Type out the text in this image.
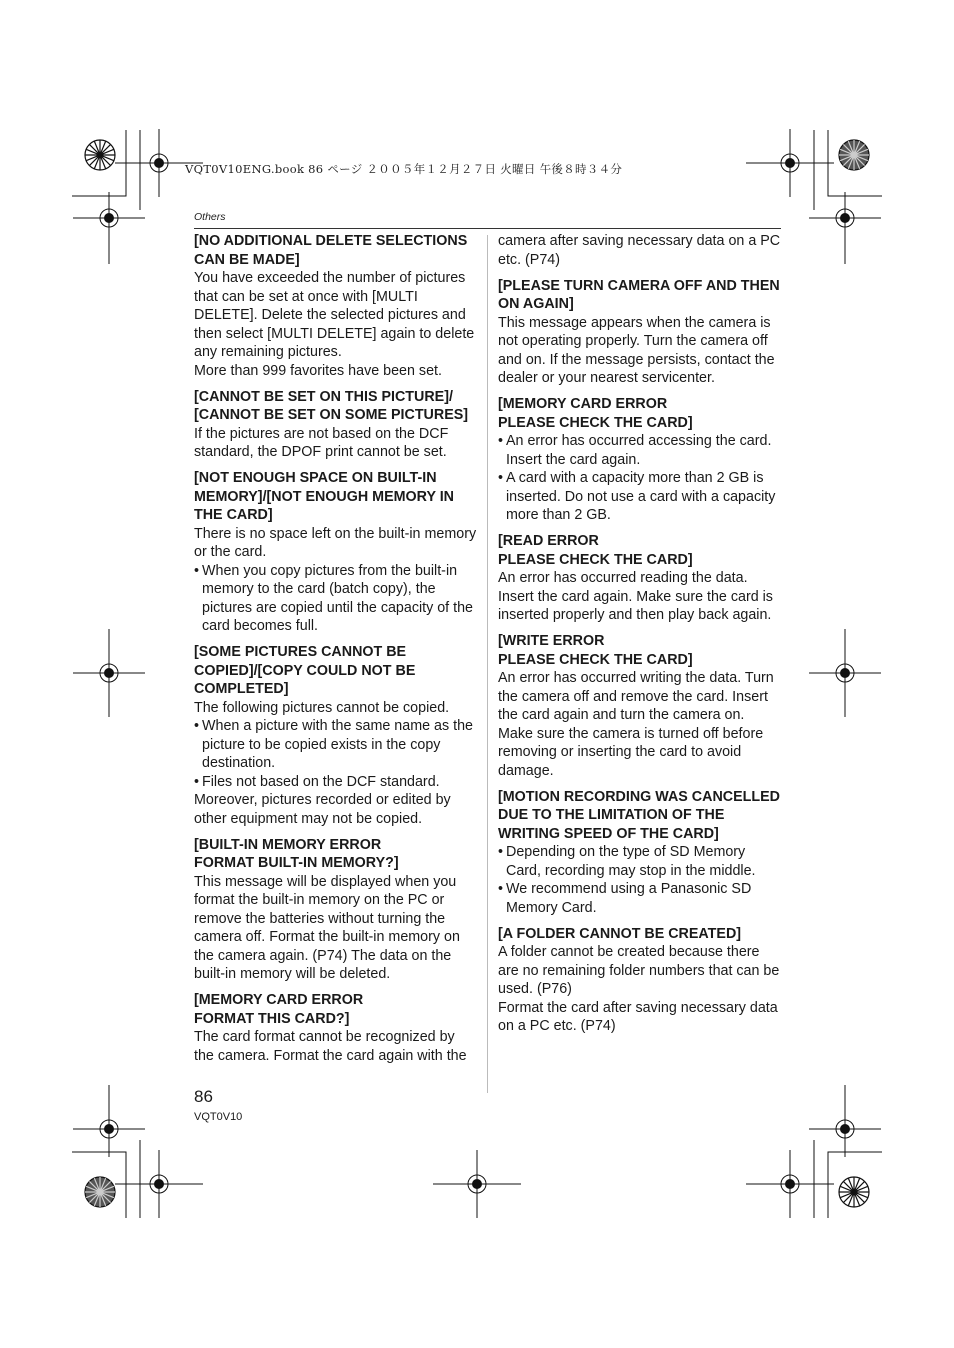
VQT0V10ENG.book 86 ページ ２００５年１２月２７日 火曜日 午後８時３４分
Others

[NO ADDITIONAL DELETE SELECTIONS CAN BE MADE]

You have exceeded the number of pictures that can be set at once with [MULTI DELETE]. Delete the selected pictures and then select [MULTI DELETE] again to delete any remaining pictures.

More than 999 favorites have been set.

[CANNOT BE SET ON THIS PICTURE]/ [CANNOT BE SET ON SOME PICTURES]

If the pictures are not based on the DCF standard, the DPOF print cannot be set.

[NOT ENOUGH SPACE ON BUILT-IN MEMORY]/[NOT ENOUGH MEMORY IN THE CARD]

There is no space left on the built-in memory or the card.

• When you copy pictures from the built-in memory to the card (batch copy), the pictures are copied until the capacity of the card becomes full.

[SOME PICTURES CANNOT BE COPIED]/[COPY COULD NOT BE COMPLETED]

The following pictures cannot be copied.

• When a picture with the same name as the picture to be copied exists in the copy destination.

• Files not based on the DCF standard.

Moreover, pictures recorded or edited by other equipment may not be copied.

[BUILT-IN MEMORY ERROR
FORMAT BUILT-IN MEMORY?]

This message will be displayed when you format the built-in memory on the PC or remove the batteries without turning the camera off. Format the built-in memory on the camera again. (P74) The data on the built-in memory will be deleted.

[MEMORY CARD ERROR
FORMAT THIS CARD?]

The card format cannot be recognized by the camera. Format the card again with the

camera after saving necessary data on a PC etc. (P74)

[PLEASE TURN CAMERA OFF AND THEN ON AGAIN]

This message appears when the camera is not operating properly. Turn the camera off and on. If the message persists, contact the dealer or your nearest servicenter.

[MEMORY CARD ERROR
PLEASE CHECK THE CARD]

• An error has occurred accessing the card. Insert the card again.

• A card with a capacity more than 2 GB is inserted. Do not use a card with a capacity more than 2 GB.

[READ ERROR
PLEASE CHECK THE CARD]

An error has occurred reading the data. Insert the card again. Make sure the card is inserted properly and then play back again.

[WRITE ERROR
PLEASE CHECK THE CARD]

An error has occurred writing the data. Turn the camera off and remove the card. Insert the card again and turn the camera on. Make sure the camera is turned off before removing or inserting the card to avoid damage.

[MOTION RECORDING WAS CANCELLED DUE TO THE LIMITATION OF THE WRITING SPEED OF THE CARD]

• Depending on the type of SD Memory Card, recording may stop in the middle.

• We recommend using a Panasonic SD Memory Card.

[A FOLDER CANNOT BE CREATED]

A folder cannot be created because there are no remaining folder numbers that can be used. (P76)

Format the card after saving necessary data on a PC etc. (P74)

86
VQT0V10
